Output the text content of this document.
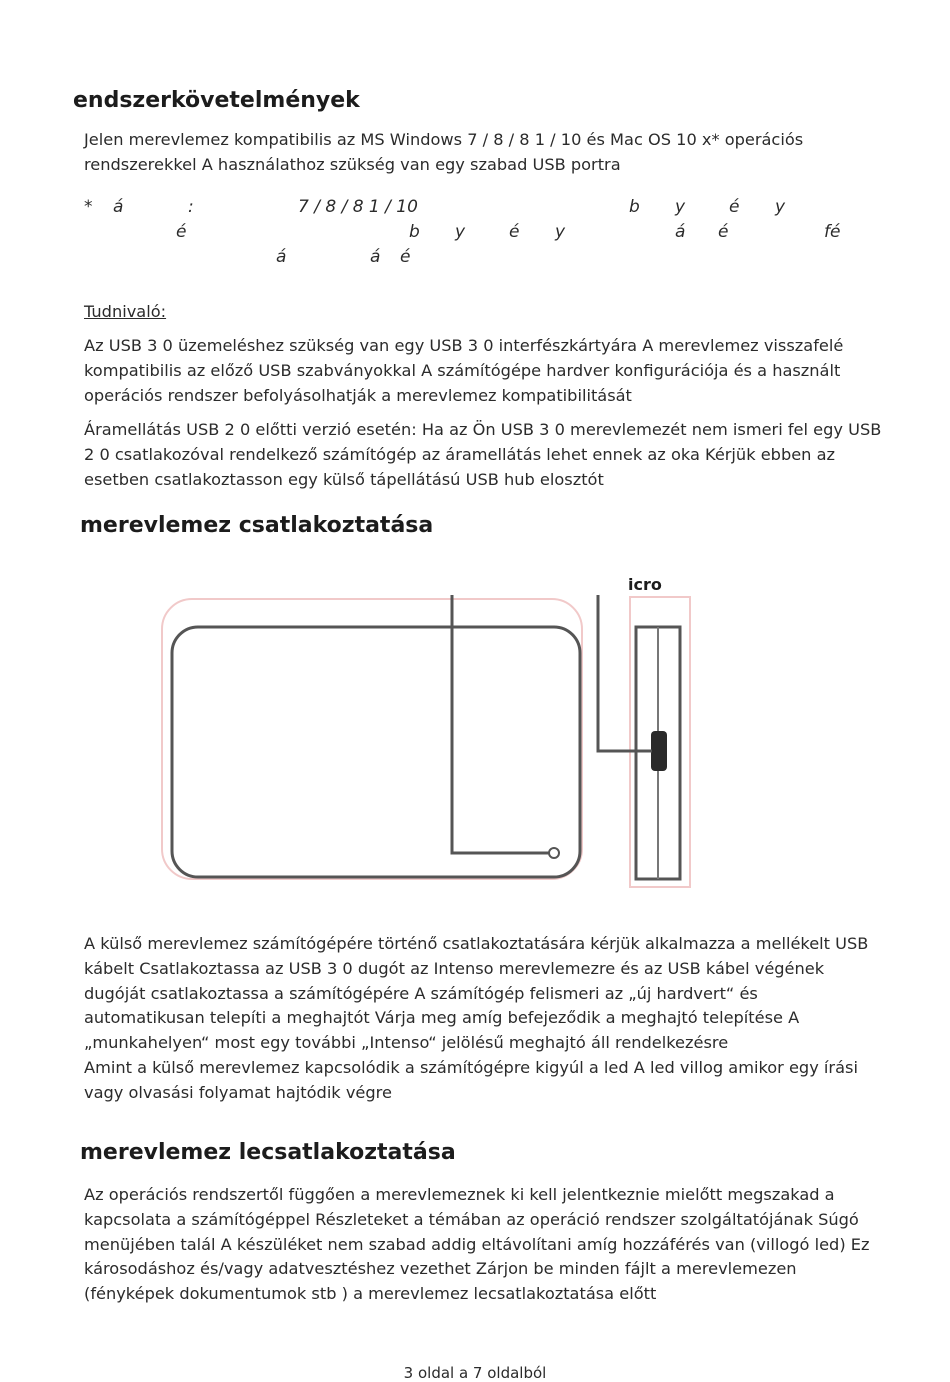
endszerkövetelmények
Jelen merevlemez kompatibilis az MS Windows 7 / 8 / 8 1 / 10 és Mac OS 10 x* operációs
rendszerekkel A használathoz szükség van egy szabad USB portra
* á	:	7 / 8 / 8 1 / 10	b y	é y
é	b y	é y	á é	fé
á	á é

Tudnivaló:

Az USB 3 0 üzemeléshez szükség van egy USB 3 0 interfészkártyára A merevlemez visszafelé
kompatibilis az előző USB szabványokkal A számítógépe hardver konfigurációja és a használt
operációs rendszer befolyásolhatják a merevlemez kompatibilitását
Áramellátás USB 2 0 előtti verzió esetén: Ha az Ön USB 3 0 merevlemezét nem ismeri fel egy USB
2 0 csatlakozóval rendelkező számítógép az áramellátás lehet ennek az oka Kérjük ebben az
esetben csatlakoztasson egy külső tápellátású USB hub elosztót
merevlemez csatlakoztatása
icro
A külső merevlemez számítógépére történő csatlakoztatására kérjük alkalmazza a mellékelt USB
kábelt Csatlakoztassa az USB 3 0 dugót az Intenso merevlemezre és az USB kábel végének
dugóját csatlakoztassa a számítógépére A számítógép felismeri az „új hardvert“ és
automatikusan telepíti a meghajtót Várja meg amíg befejeződik a meghajtó telepítése A
„munkahelyen“ most egy további „Intenso“ jelölésű meghajtó áll rendelkezésre
Amint a külső merevlemez kapcsolódik a számítógépre kigyúl a led A led villog amikor egy írási
vagy olvasási folyamat hajtódik végre
merevlemez lecsatlakoztatása
Az operációs rendszertől függően a merevlemeznek ki kell jelentkeznie mielőtt megszakad a
kapcsolata a számítógéppel Részleteket a témában az operáció rendszer szolgáltatójának Súgó
menüjében talál A készüléket nem szabad addig eltávolítani amíg hozzáférés van (villogó led) Ez
károsodáshoz és/vagy adatvesztéshez vezethet Zárjon be minden fájlt a merevlemezen
(fényképek dokumentumok stb ) a merevlemez lecsatlakoztatása előtt
3 oldal a 7 oldalból
